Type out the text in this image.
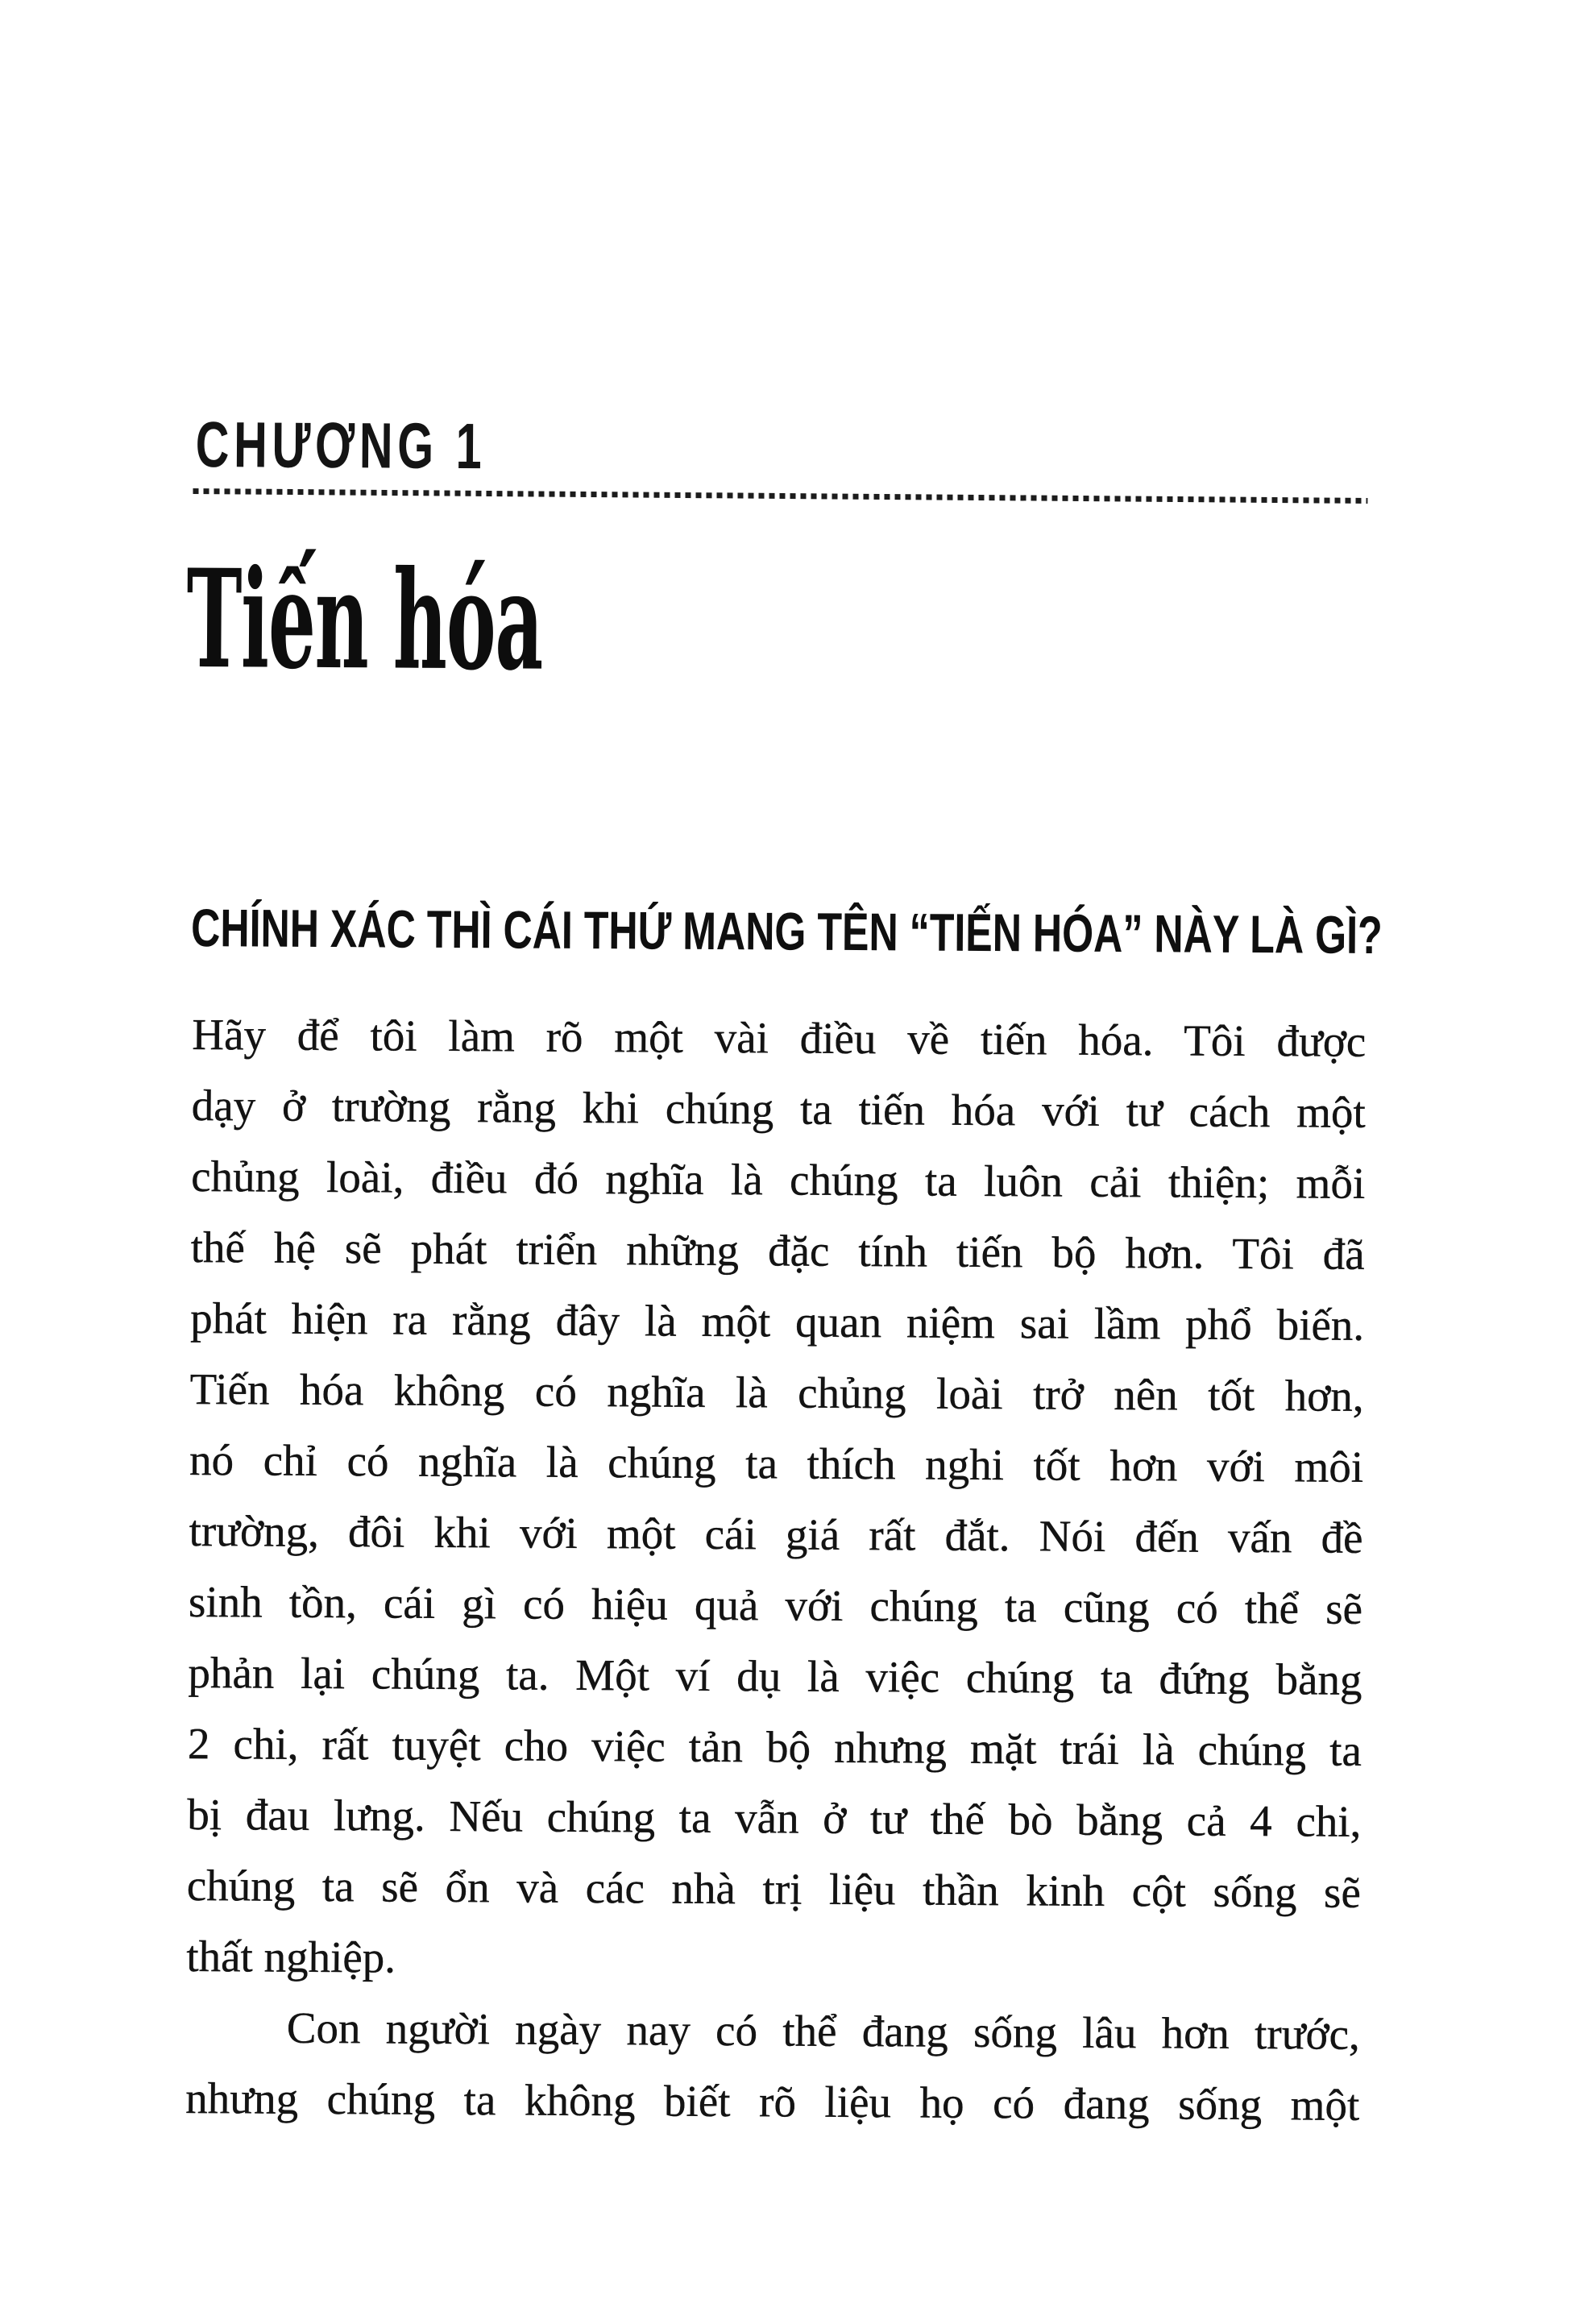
CHƯƠNG 1
Tiến hóa
CHÍNH XÁC THÌ CÁI THỨ MANG TÊN “TIẾN HÓA” NÀY LÀ GÌ?
Hãy để tôi làm rõ một vài điều về tiến hóa. Tôi được
dạy ở trường rằng khi chúng ta tiến hóa với tư cách một
chủng loài, điều đó nghĩa là chúng ta luôn cải thiện; mỗi
thế hệ sẽ phát triển những đặc tính tiến bộ hơn. Tôi đã
phát hiện ra rằng đây là một quan niệm sai lầm phổ biến.
Tiến hóa không có nghĩa là chủng loài trở nên tốt hơn,
nó chỉ có nghĩa là chúng ta thích nghi tốt hơn với môi
trường, đôi khi với một cái giá rất đắt. Nói đến vấn đề
sinh tồn, cái gì có hiệu quả với chúng ta cũng có thể sẽ
phản lại chúng ta. Một ví dụ là việc chúng ta đứng bằng
2 chi, rất tuyệt cho việc tản bộ nhưng mặt trái là chúng ta
bị đau lưng. Nếu chúng ta vẫn ở tư thế bò bằng cả 4 chi,
chúng ta sẽ ổn và các nhà trị liệu thần kinh cột sống sẽ
thất nghiệp.
Con người ngày nay có thể đang sống lâu hơn trước,
nhưng chúng ta không biết rõ liệu họ có đang sống một
